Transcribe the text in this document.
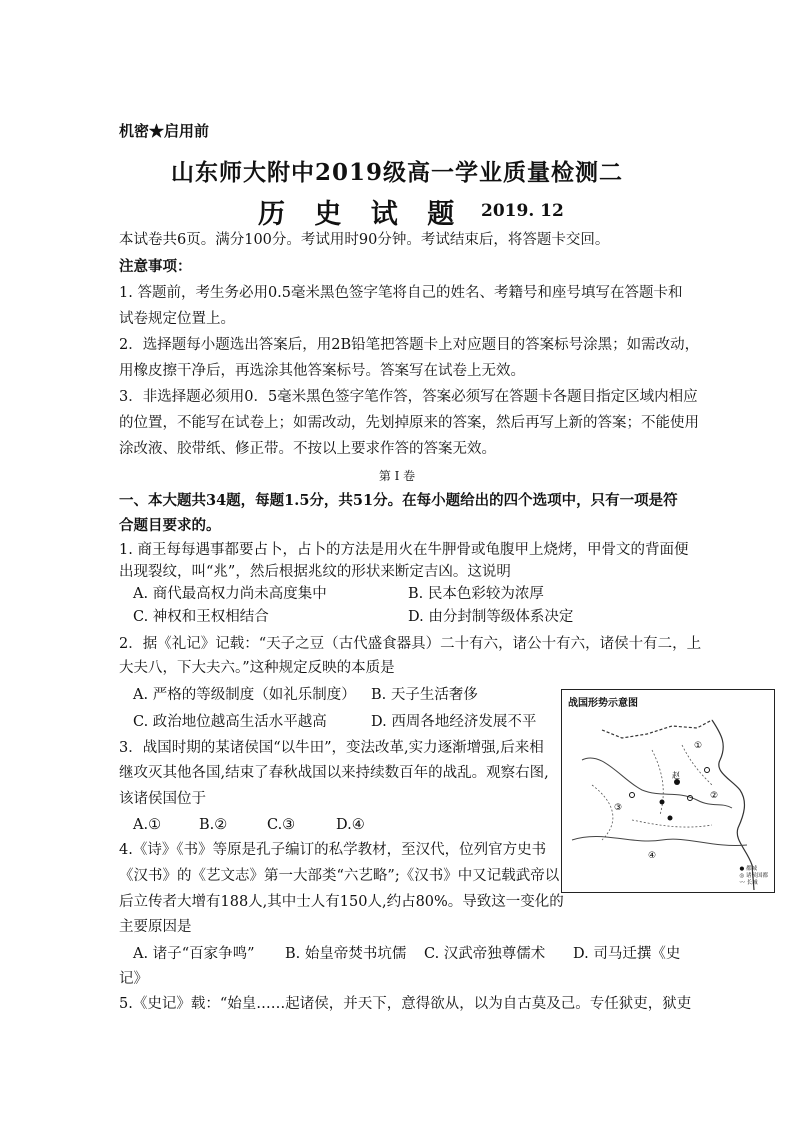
机密★启用前
山东师大附中2019级高一学业质量检测二
历 史 试 题 2019. 12
本试卷共6页。满分100分。考试用时90分钟。考试结束后，将答题卡交回。
注意事项：
1. 答题前，考生务必用0.5毫米黑色签字笔将自己的姓名、考籍号和座号填写在答题卡和
试卷规定位置上。
2．选择题每小题选出答案后，用2B铅笔把答题卡上对应题目的答案标号涂黑；如需改动，
用橡皮擦干净后，再选涂其他答案标号。答案写在试卷上无效。
3．非选择题必须用0．5毫米黑色签字笔作答，答案必须写在答题卡各题目指定区域内相应
的位置，不能写在试卷上；如需改动，先划掉原来的答案，然后再写上新的答案；不能使用
涂改液、胶带纸、修正带。不按以上要求作答的答案无效。
第 I 卷
一、本大题共34题，每题1.5分，共51分。在每小题给出的四个选项中，只有一项是符
合题目要求的。
1. 商王每每遇事都要占卜，占卜的方法是用火在牛胛骨或龟腹甲上烧烤，甲骨文的背面便
出现裂纹，叫“兆”，然后根据兆纹的形状来断定吉凶。这说明
A. 商代最高权力尚未高度集中	B. 民本色彩较为浓厚
C. 神权和王权相结合	D. 由分封制等级体系决定
2．据《礼记》记载：“天子之豆（古代盛食器具）二十有六，诸公十有六，诸侯十有二，上
大夫八，下大夫六。”这种规定反映的本质是
A. 严格的等级制度（如礼乐制度） B. 天子生活奢侈
C. 政治地位越高生活水平越高	D. 西周各地经济发展不平
3．战国时期的某诸侯国“以牛田”，变法改革,实力逐渐增强,后来相
继攻灭其他各国,结束了春秋战国以来持续数百年的战乱。观察右图,
该诸侯国位于
A.①	B.②	C.③	D.④
4.《诗》《书》等原是孔子编订的私学教材，至汉代，位列官方史书
《汉书》的《艺文志》第一大部类“六艺略”;《汉书》中又记载武帝以
后立传者大增有188人,其中士人有150人,约占80%。导致这一变化的
主要原因是
A. 诸子“百家争鸣” B. 始皇帝焚书坑儒 C. 汉武帝独尊儒术 D. 司马迁撰《史
记》
5.《史记》载：“始皇……起诸侯，并天下，意得欲从，以为自古莫及己。专任狱吏，狱吏
战国形势示意图
①
②
③
④
赵
● 都城
◎ 诸侯国都
〰 长城
